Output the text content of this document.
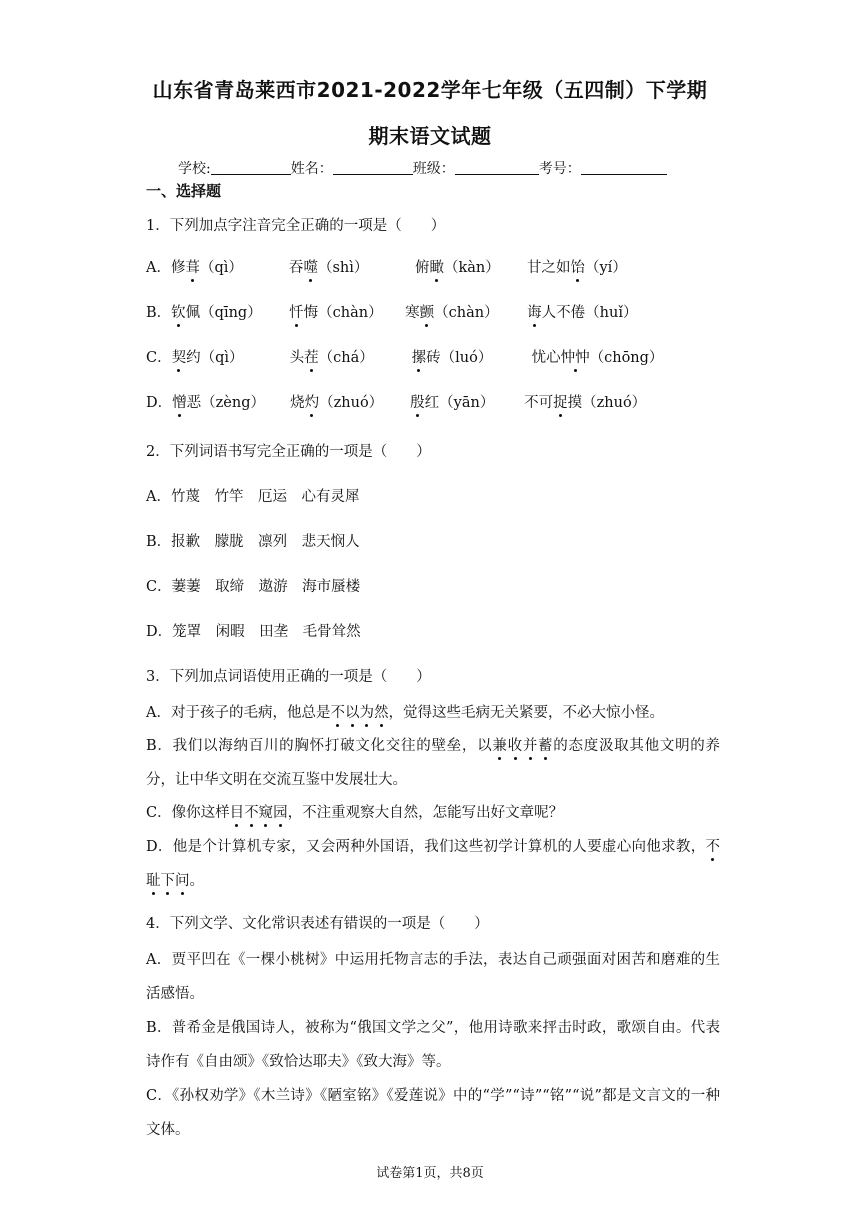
山东省青岛莱西市2021-2022学年七年级（五四制）下学期
期末语文试题
学校:	姓名：	班级：	考号：
一、选择题
1．下列加点字注音完全正确的一项是（　　）
A．修葺（qì）	吞噬（shì）	俯瞰（kàn） 甘之如饴（yí）
B．钦佩（qīng） 忏悔（chàn） 寒颤（chàn） 诲人不倦（huǐ）
C．契约（qì）	头茬（chá）	摞砖（luó）	忧心忡忡（chōng）
D．憎恶（zèng） 烧灼（zhuó） 殷红（yān） 不可捉摸（zhuó）
2．下列词语书写完全正确的一项是（　　）
A．竹蔑　竹竿　厄运　心有灵犀
B．报歉　朦胧　凛列　悲天悯人
C．萋萋　取缔　遨游　海市蜃楼
D．笼罩　闲暇　田垄　毛骨耸然
3．下列加点词语使用正确的一项是（　　）
A．对于孩子的毛病，他总是不以为然，觉得这些毛病无关紧要，不必大惊小怪。
B．我们以海纳百川的胸怀打破文化交往的壁垒，以兼收并蓄的态度汲取其他文明的养分，让中华文明在交流互鉴中发展壮大。
C．像你这样目不窥园，不注重观察大自然，怎能写出好文章呢？
D．他是个计算机专家，又会两种外国语，我们这些初学计算机的人要虚心向他求教，不耻下问。
4．下列文学、文化常识表述有错误的一项是（　　）
A．贾平凹在《一棵小桃树》中运用托物言志的手法，表达自己顽强面对困苦和磨难的生活感悟。
B．普希金是俄国诗人，被称为“俄国文学之父”，他用诗歌来抨击时政，歌颂自由。代表诗作有《自由颂》《致恰达耶夫》《致大海》等。
C．《孙权劝学》《木兰诗》《陋室铭》《爱莲说》中的“学”“诗”“铭”“说”都是文言文的一种文体。
试卷第1页，共8页
